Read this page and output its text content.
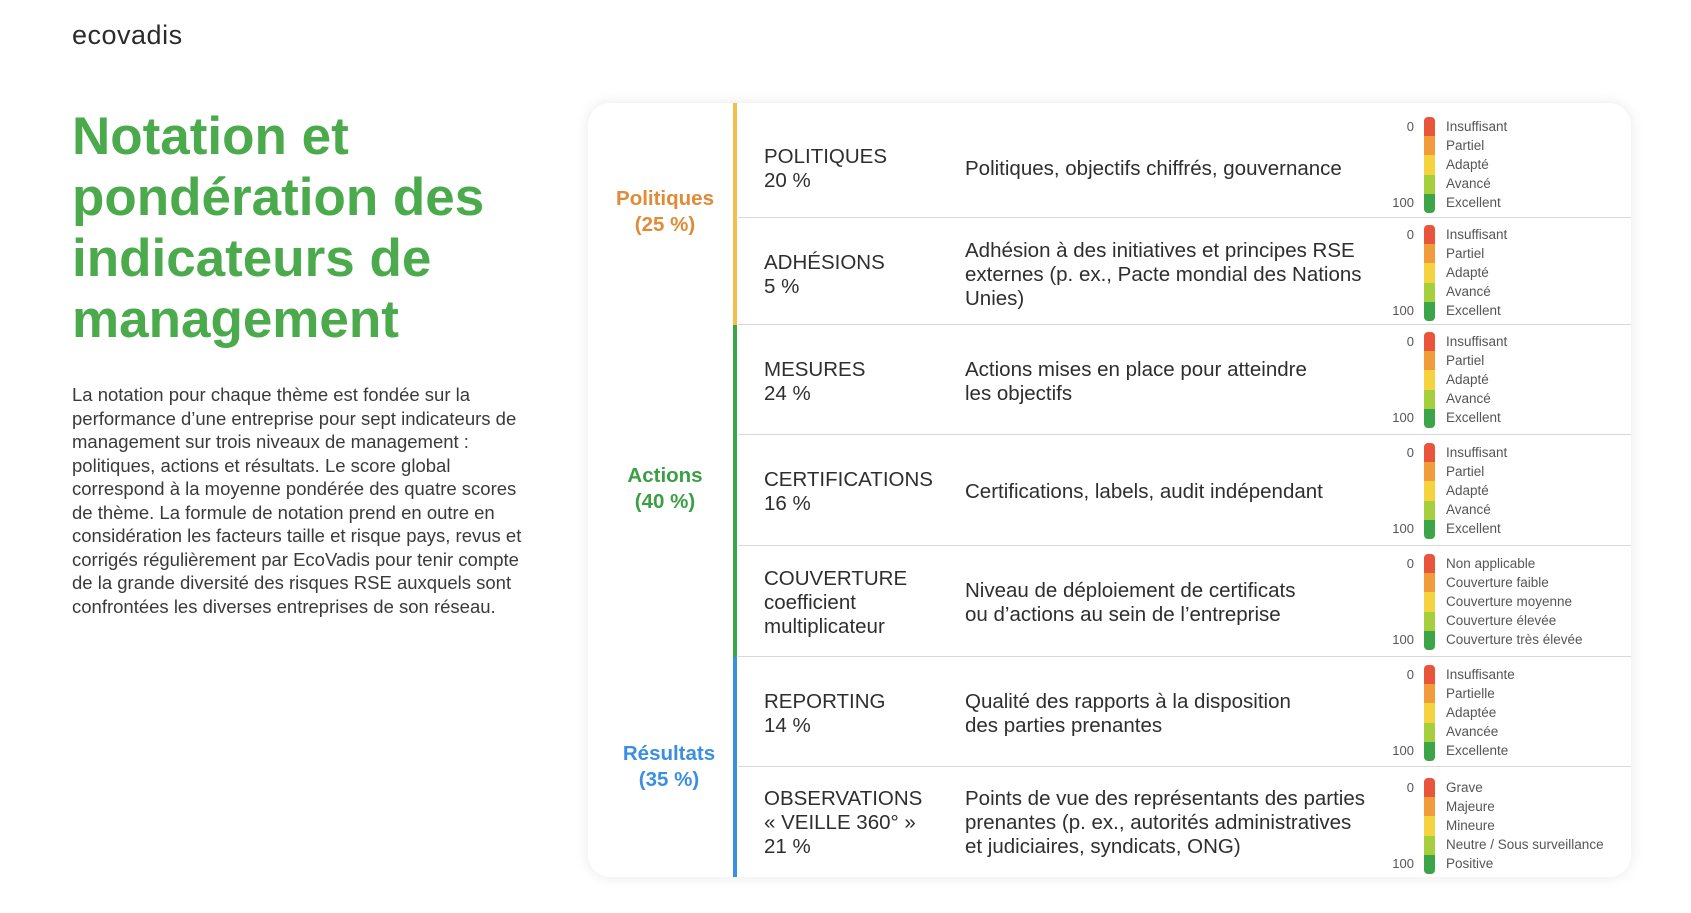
ecovadis
Notation et pondération des indicateurs de management

La notation pour chaque thème est fondée sur la performance d’une entreprise pour sept indicateurs de management sur trois niveaux de management : politiques, actions et résultats. Le score global correspond à la moyenne pondérée des quatre scores de thème. La formule de notation prend en outre en considération les facteurs taille et risque pays, revus et corrigés régulièrement par EcoVadis pour tenir compte de la grande diversité des risques RSE auxquels sont confrontées les diverses entreprises de son réseau.

Politiques
(25 %)
Actions
(40 %)
Résultats
(35 %)
POLITIQUES
20 %
Politiques, objectifs chiffrés, gouvernance
0
100
Insuffisant
Partiel
Adapté
Avancé
Excellent
ADHÉSIONS
5 %
Adhésion à des initiatives et principes RSE
externes (p. ex., Pacte mondial des Nations
Unies)
0
100
Insuffisant
Partiel
Adapté
Avancé
Excellent
MESURES
24 %
Actions mises en place pour atteindre
les objectifs
0
100
Insuffisant
Partiel
Adapté
Avancé
Excellent
CERTIFICATIONS
16 %
Certifications, labels, audit indépendant
0
100
Insuffisant
Partiel
Adapté
Avancé
Excellent
COUVERTURE
coefficient
multiplicateur
Niveau de déploiement de certificats
ou d’actions au sein de l’entreprise
0
100
Non applicable
Couverture faible
Couverture moyenne
Couverture élevée
Couverture très élevée
REPORTING
14 %
Qualité des rapports à la disposition
des parties prenantes
0
100
Insuffisante
Partielle
Adaptée
Avancée
Excellente
OBSERVATIONS
« VEILLE 360° »
21 %
Points de vue des représentants des parties
prenantes (p. ex., autorités administratives
et judiciaires, syndicats, ONG)
0
100
Grave
Majeure
Mineure
Neutre / Sous surveillance
Positive
